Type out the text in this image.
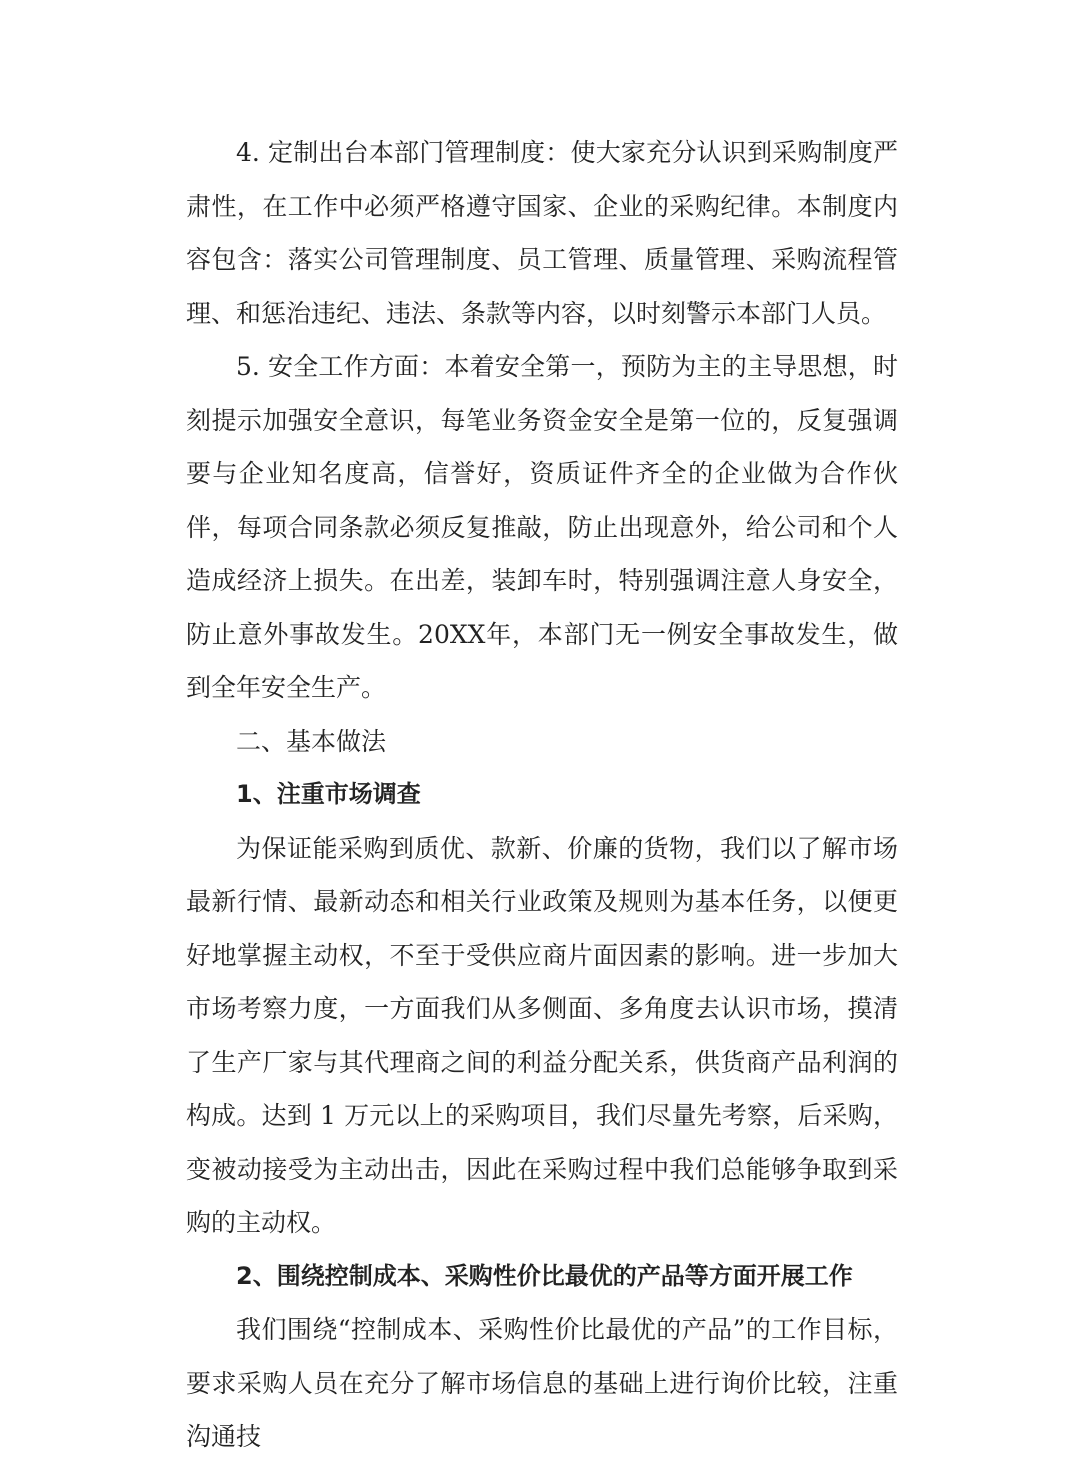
4. 定制出台本部门管理制度：使大家充分认识到采购制度严肃性，在工作中必须严格遵守国家、企业的采购纪律。本制度内容包含：落实公司管理制度、员工管理、质量管理、采购流程管理、和惩治违纪、违法、条款等内容，以时刻警示本部门人员。

5. 安全工作方面：本着安全第一，预防为主的主导思想，时刻提示加强安全意识，每笔业务资金安全是第一位的，反复强调要与企业知名度高，信誉好，资质证件齐全的企业做为合作伙伴，每项合同条款必须反复推敲，防止出现意外，给公司和个人造成经济上损失。在出差，装卸车时，特别强调注意人身安全，防止意外事故发生。20XX年，本部门无一例安全事故发生，做到全年安全生产。

二、基本做法

1、注重市场调查

为保证能采购到质优、款新、价廉的货物，我们以了解市场最新行情、最新动态和相关行业政策及规则为基本任务，以便更好地掌握主动权，不至于受供应商片面因素的影响。进一步加大市场考察力度，一方面我们从多侧面、多角度去认识市场，摸清了生产厂家与其代理商之间的利益分配关系，供货商产品利润的构成。达到 1 万元以上的采购项目，我们尽量先考察，后采购，变被动接受为主动出击，因此在采购过程中我们总能够争取到采购的主动权。

2、围绕控制成本、采购性价比最优的产品等方面开展工作

我们围绕“控制成本、采购性价比最优的产品”的工作目标，要求采购人员在充分了解市场信息的基础上进行询价比较，注重沟通技
